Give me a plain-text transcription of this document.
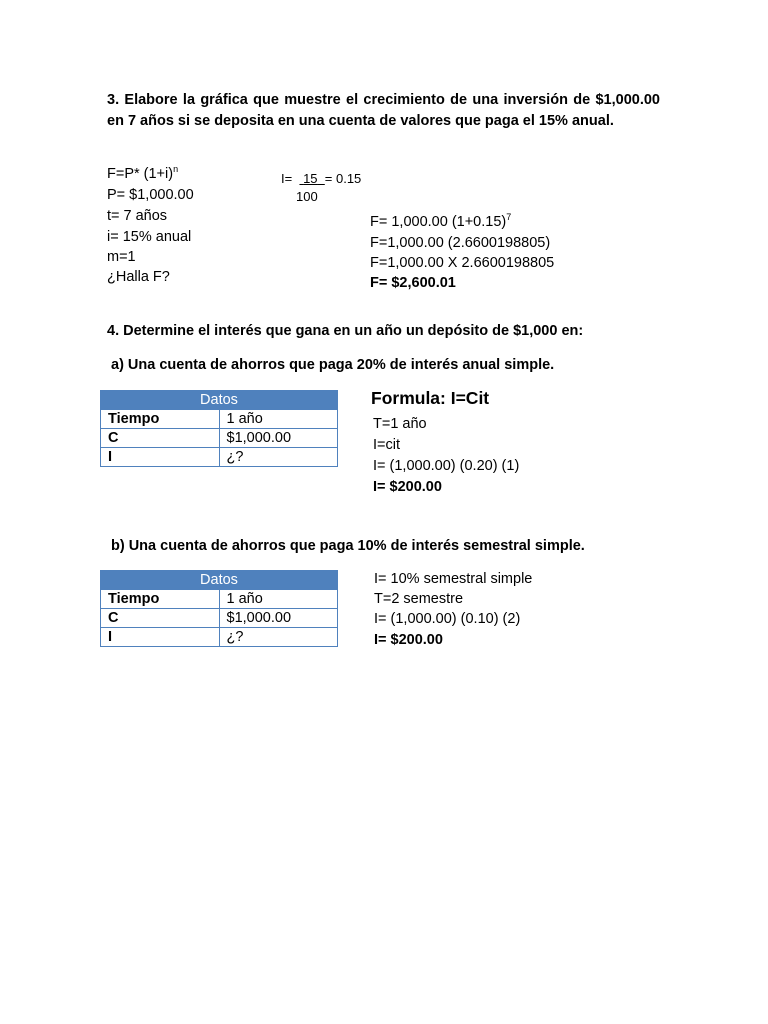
3. Elabore la gráfica que muestre el crecimiento de una inversión de $1,000.00 en 7 años si se deposita en una cuenta de valores que paga el 15% anual.
F=P* $(1+i)^n$
P= $1,000.00
t= 7 años
i= 15% anual
m=1
¿Halla F?
I= 15 = 0.15
100
F= 1,000.00 $(1+0.15)^7$
F=1,000.00 (2.6600198805)
F=1,000.00 X 2.6600198805
F= $2,600.01
4. Determine el interés que gana en un año un depósito de $1,000 en:
a) Una cuenta de ahorros que paga 20% de interés anual simple.
Datos	
Tiempo	1 año
C	$1,000.00
I	¿?
Formula: I=Cit
T=1 año
I=cit
I= (1,000.00) (0.20) (1)
I= $200.00
b) Una cuenta de ahorros que paga 10% de interés semestral simple.
Datos	
Tiempo	1 año
C	$1,000.00
I	¿?
I= 10% semestral simple
T=2 semestre
I= (1,000.00) (0.10) (2)
I= $200.00
